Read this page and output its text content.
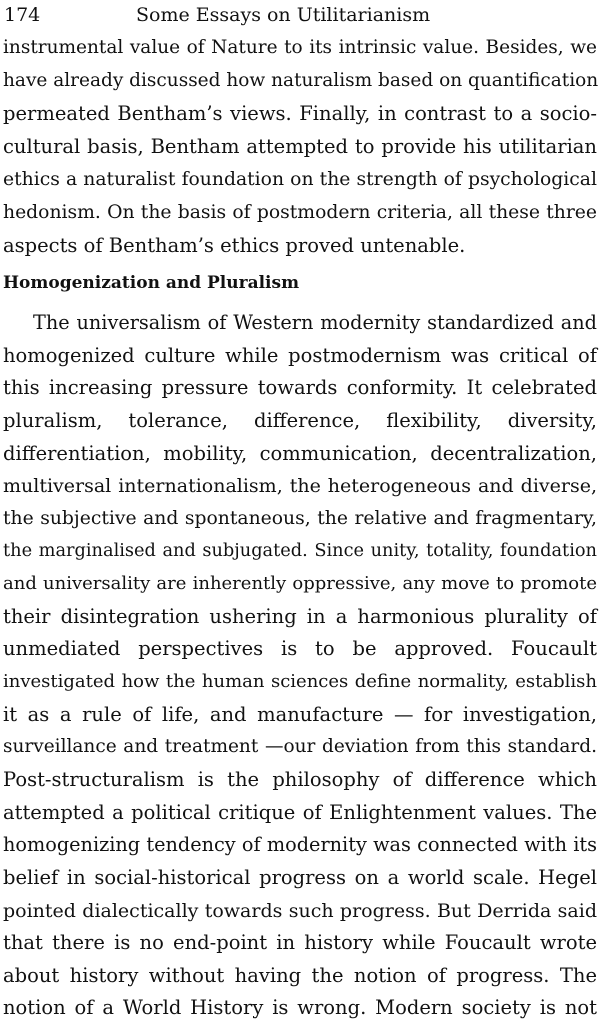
174	Some Essays on Utilitarianism
instrumental value of Nature to its intrinsic value. Besides, we
have already discussed how naturalism based on quantification
permeated Bentham’s views. Finally, in contrast to a socio-
cultural basis, Bentham attempted to provide his utilitarian
ethics a naturalist foundation on the strength of psychological
hedonism. On the basis of postmodern criteria, all these three
aspects of Bentham’s ethics proved untenable.
Homogenization and Pluralism
The universalism of Western modernity standardized and
homogenized culture while postmodernism was critical of
this increasing pressure towards conformity. It celebrated
pluralism, tolerance, difference, flexibility, diversity,
differentiation, mobility, communication, decentralization,
multiversal internationalism, the heterogeneous and diverse,
the subjective and spontaneous, the relative and fragmentary,
the marginalised and subjugated. Since unity, totality, foundation
and universality are inherently oppressive, any move to promote
their disintegration ushering in a harmonious plurality of
unmediated perspectives is to be approved. Foucault
investigated how the human sciences define normality, establish
it as a rule of life, and manufacture — for investigation,
surveillance and treatment —our deviation from this standard.
Post-structuralism is the philosophy of difference which
attempted a political critique of Enlightenment values. The
homogenizing tendency of modernity was connected with its
belief in social-historical progress on a world scale. Hegel
pointed dialectically towards such progress. But Derrida said
that there is no end-point in history while Foucault wrote
about history without having the notion of progress. The
notion of a World History is wrong. Modern society is not
